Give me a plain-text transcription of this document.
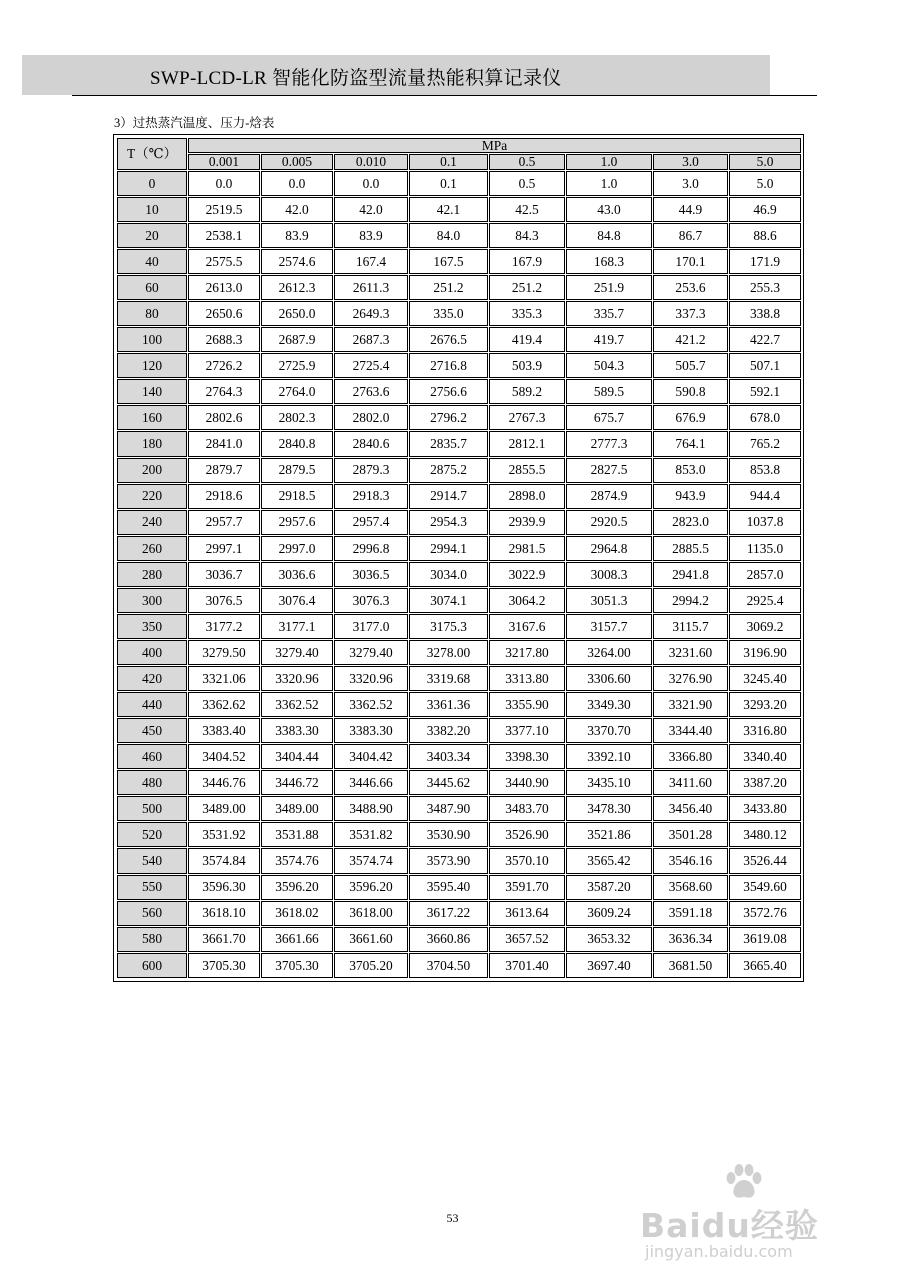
SWP-LCD-LR 智能化防盗型流量热能积算记录仪
3）过热蒸汽温度、压力-焓表
T（℃）	MPa							
	0.001	0.005	0.010	0.1	0.5	1.0	3.0	5.0
0	0.0	0.0	0.0	0.1	0.5	1.0	3.0	5.0
10	2519.5	42.0	42.0	42.1	42.5	43.0	44.9	46.9
20	2538.1	83.9	83.9	84.0	84.3	84.8	86.7	88.6
40	2575.5	2574.6	167.4	167.5	167.9	168.3	170.1	171.9
60	2613.0	2612.3	2611.3	251.2	251.2	251.9	253.6	255.3
80	2650.6	2650.0	2649.3	335.0	335.3	335.7	337.3	338.8
100	2688.3	2687.9	2687.3	2676.5	419.4	419.7	421.2	422.7
120	2726.2	2725.9	2725.4	2716.8	503.9	504.3	505.7	507.1
140	2764.3	2764.0	2763.6	2756.6	589.2	589.5	590.8	592.1
160	2802.6	2802.3	2802.0	2796.2	2767.3	675.7	676.9	678.0
180	2841.0	2840.8	2840.6	2835.7	2812.1	2777.3	764.1	765.2
200	2879.7	2879.5	2879.3	2875.2	2855.5	2827.5	853.0	853.8
220	2918.6	2918.5	2918.3	2914.7	2898.0	2874.9	943.9	944.4
240	2957.7	2957.6	2957.4	2954.3	2939.9	2920.5	2823.0	1037.8
260	2997.1	2997.0	2996.8	2994.1	2981.5	2964.8	2885.5	1135.0
280	3036.7	3036.6	3036.5	3034.0	3022.9	3008.3	2941.8	2857.0
300	3076.5	3076.4	3076.3	3074.1	3064.2	3051.3	2994.2	2925.4
350	3177.2	3177.1	3177.0	3175.3	3167.6	3157.7	3115.7	3069.2
400	3279.50	3279.40	3279.40	3278.00	3217.80	3264.00	3231.60	3196.90
420	3321.06	3320.96	3320.96	3319.68	3313.80	3306.60	3276.90	3245.40
440	3362.62	3362.52	3362.52	3361.36	3355.90	3349.30	3321.90	3293.20
450	3383.40	3383.30	3383.30	3382.20	3377.10	3370.70	3344.40	3316.80
460	3404.52	3404.44	3404.42	3403.34	3398.30	3392.10	3366.80	3340.40
480	3446.76	3446.72	3446.66	3445.62	3440.90	3435.10	3411.60	3387.20
500	3489.00	3489.00	3488.90	3487.90	3483.70	3478.30	3456.40	3433.80
520	3531.92	3531.88	3531.82	3530.90	3526.90	3521.86	3501.28	3480.12
540	3574.84	3574.76	3574.74	3573.90	3570.10	3565.42	3546.16	3526.44
550	3596.30	3596.20	3596.20	3595.40	3591.70	3587.20	3568.60	3549.60
560	3618.10	3618.02	3618.00	3617.22	3613.64	3609.24	3591.18	3572.76
580	3661.70	3661.66	3661.60	3660.86	3657.52	3653.32	3636.34	3619.08
600	3705.30	3705.30	3705.20	3704.50	3701.40	3697.40	3681.50	3665.40
53	Baidu经验
jingyan.baidu.com
